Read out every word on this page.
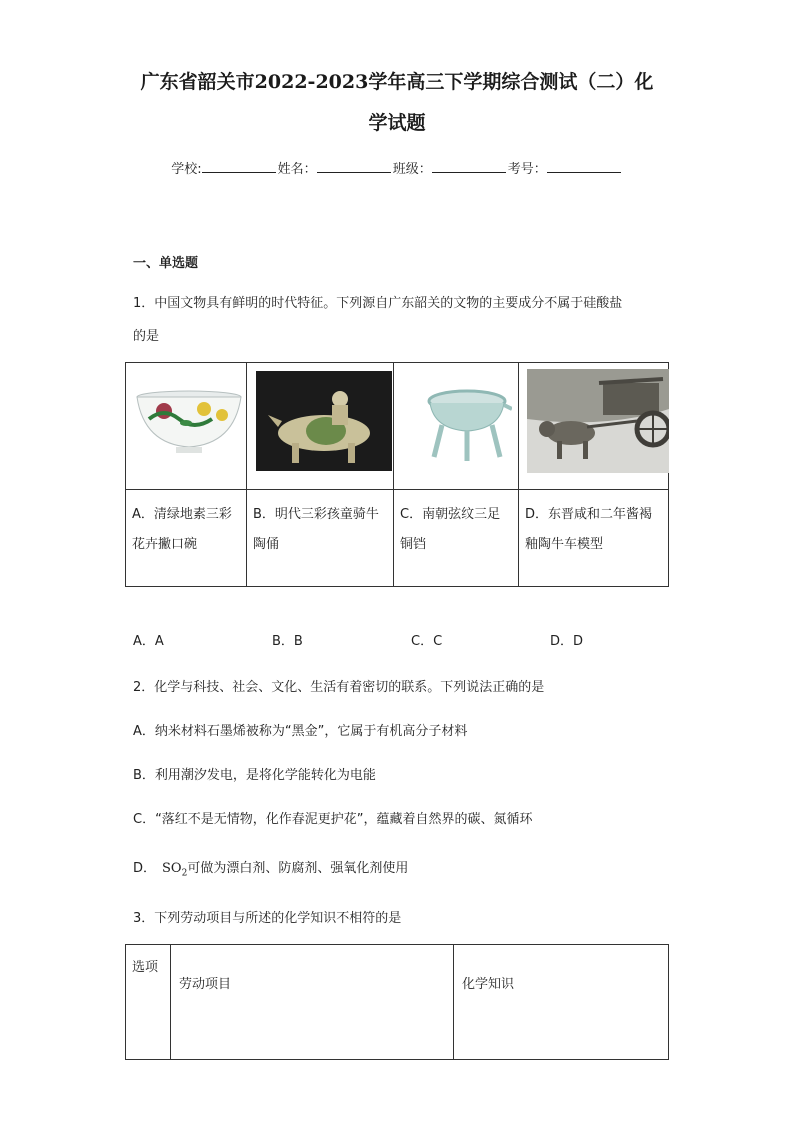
广东省韶关市2022-2023学年高三下学期综合测试（二）化
学试题
学校:	姓名：	班级：	考号：
一、单选题
1．中国文物具有鲜明的时代特征。下列源自广东韶关的文物的主要成分不属于硅酸盐
的是

A．清绿地素三彩花卉撇口碗	B．明代三彩孩童骑牛陶俑	C．南朝弦纹三足铜铛	D．东晋咸和二年酱褐釉陶牛车模型
A．A	B．B	C．C	D．D
2．化学与科技、社会、文化、生活有着密切的联系。下列说法正确的是
A．纳米材料石墨烯被称为“黑金”，它属于有机高分子材料
B．利用潮汐发电，是将化学能转化为电能
C．“落红不是无情物，化作春泥更护花”，蕴藏着自然界的碳、氮循环
D． $SO_2$可做为漂白剂、防腐剂、强氧化剂使用
3．下列劳动项目与所述的化学知识不相符的是
选项	劳动项目	化学知识
